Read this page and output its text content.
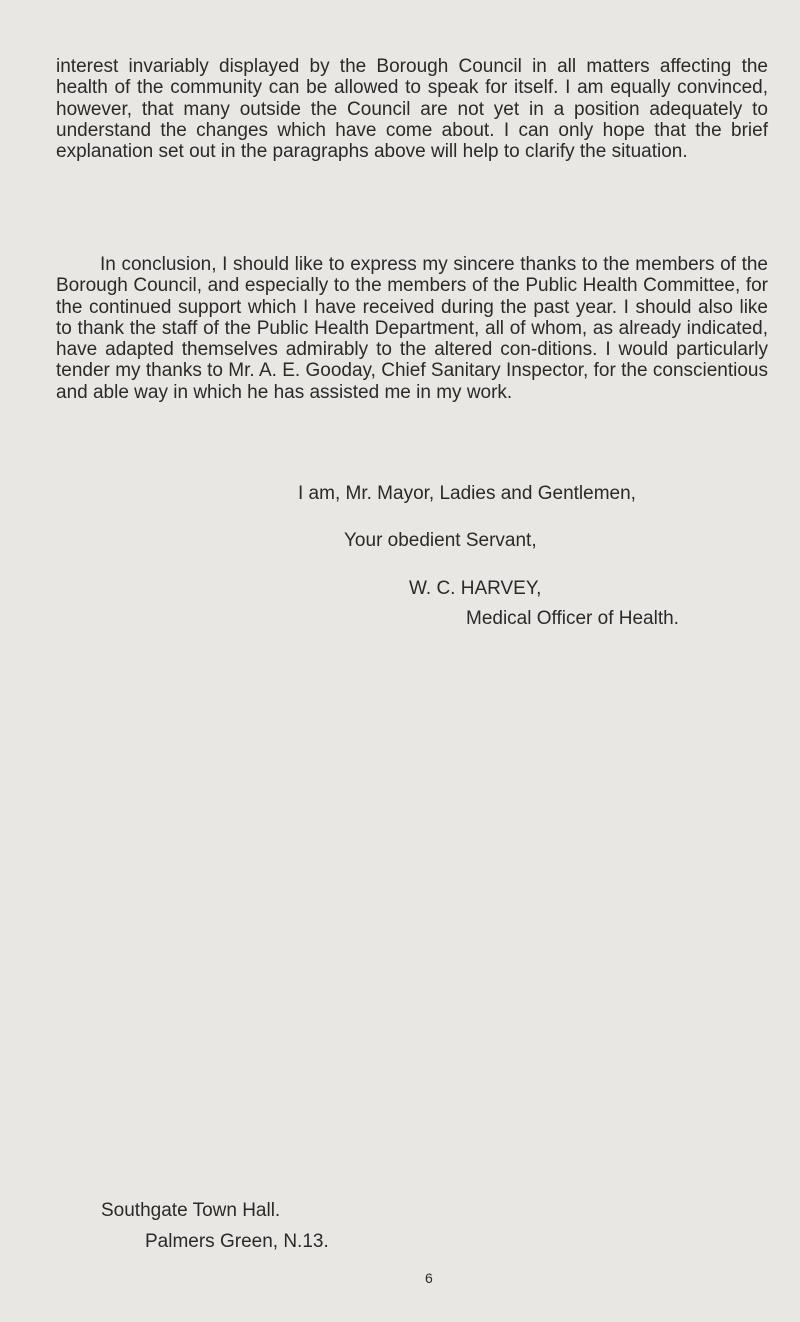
interest invariably displayed by the Borough Council in all matters affecting the health of the community can be allowed to speak for itself. I am equally convinced, however, that many outside the Council are not yet in a position adequately to understand the changes which have come about. I can only hope that the brief explanation set out in the paragraphs above will help to clarify the situation.

In conclusion, I should like to express my sincere thanks to the members of the Borough Council, and especially to the members of the Public Health Committee, for the continued support which I have received during the past year. I should also like to thank the staff of the Public Health Department, all of whom, as already indicated, have adapted themselves admirably to the altered con-ditions. I would particularly tender my thanks to Mr. A. E. Gooday, Chief Sanitary Inspector, for the conscientious and able way in which he has assisted me in my work.

I am, Mr. Mayor, Ladies and Gentlemen,
Your obedient Servant,
W. C. HARVEY,
Medical Officer of Health.
Southgate Town Hall.
Palmers Green, N.13.
6
